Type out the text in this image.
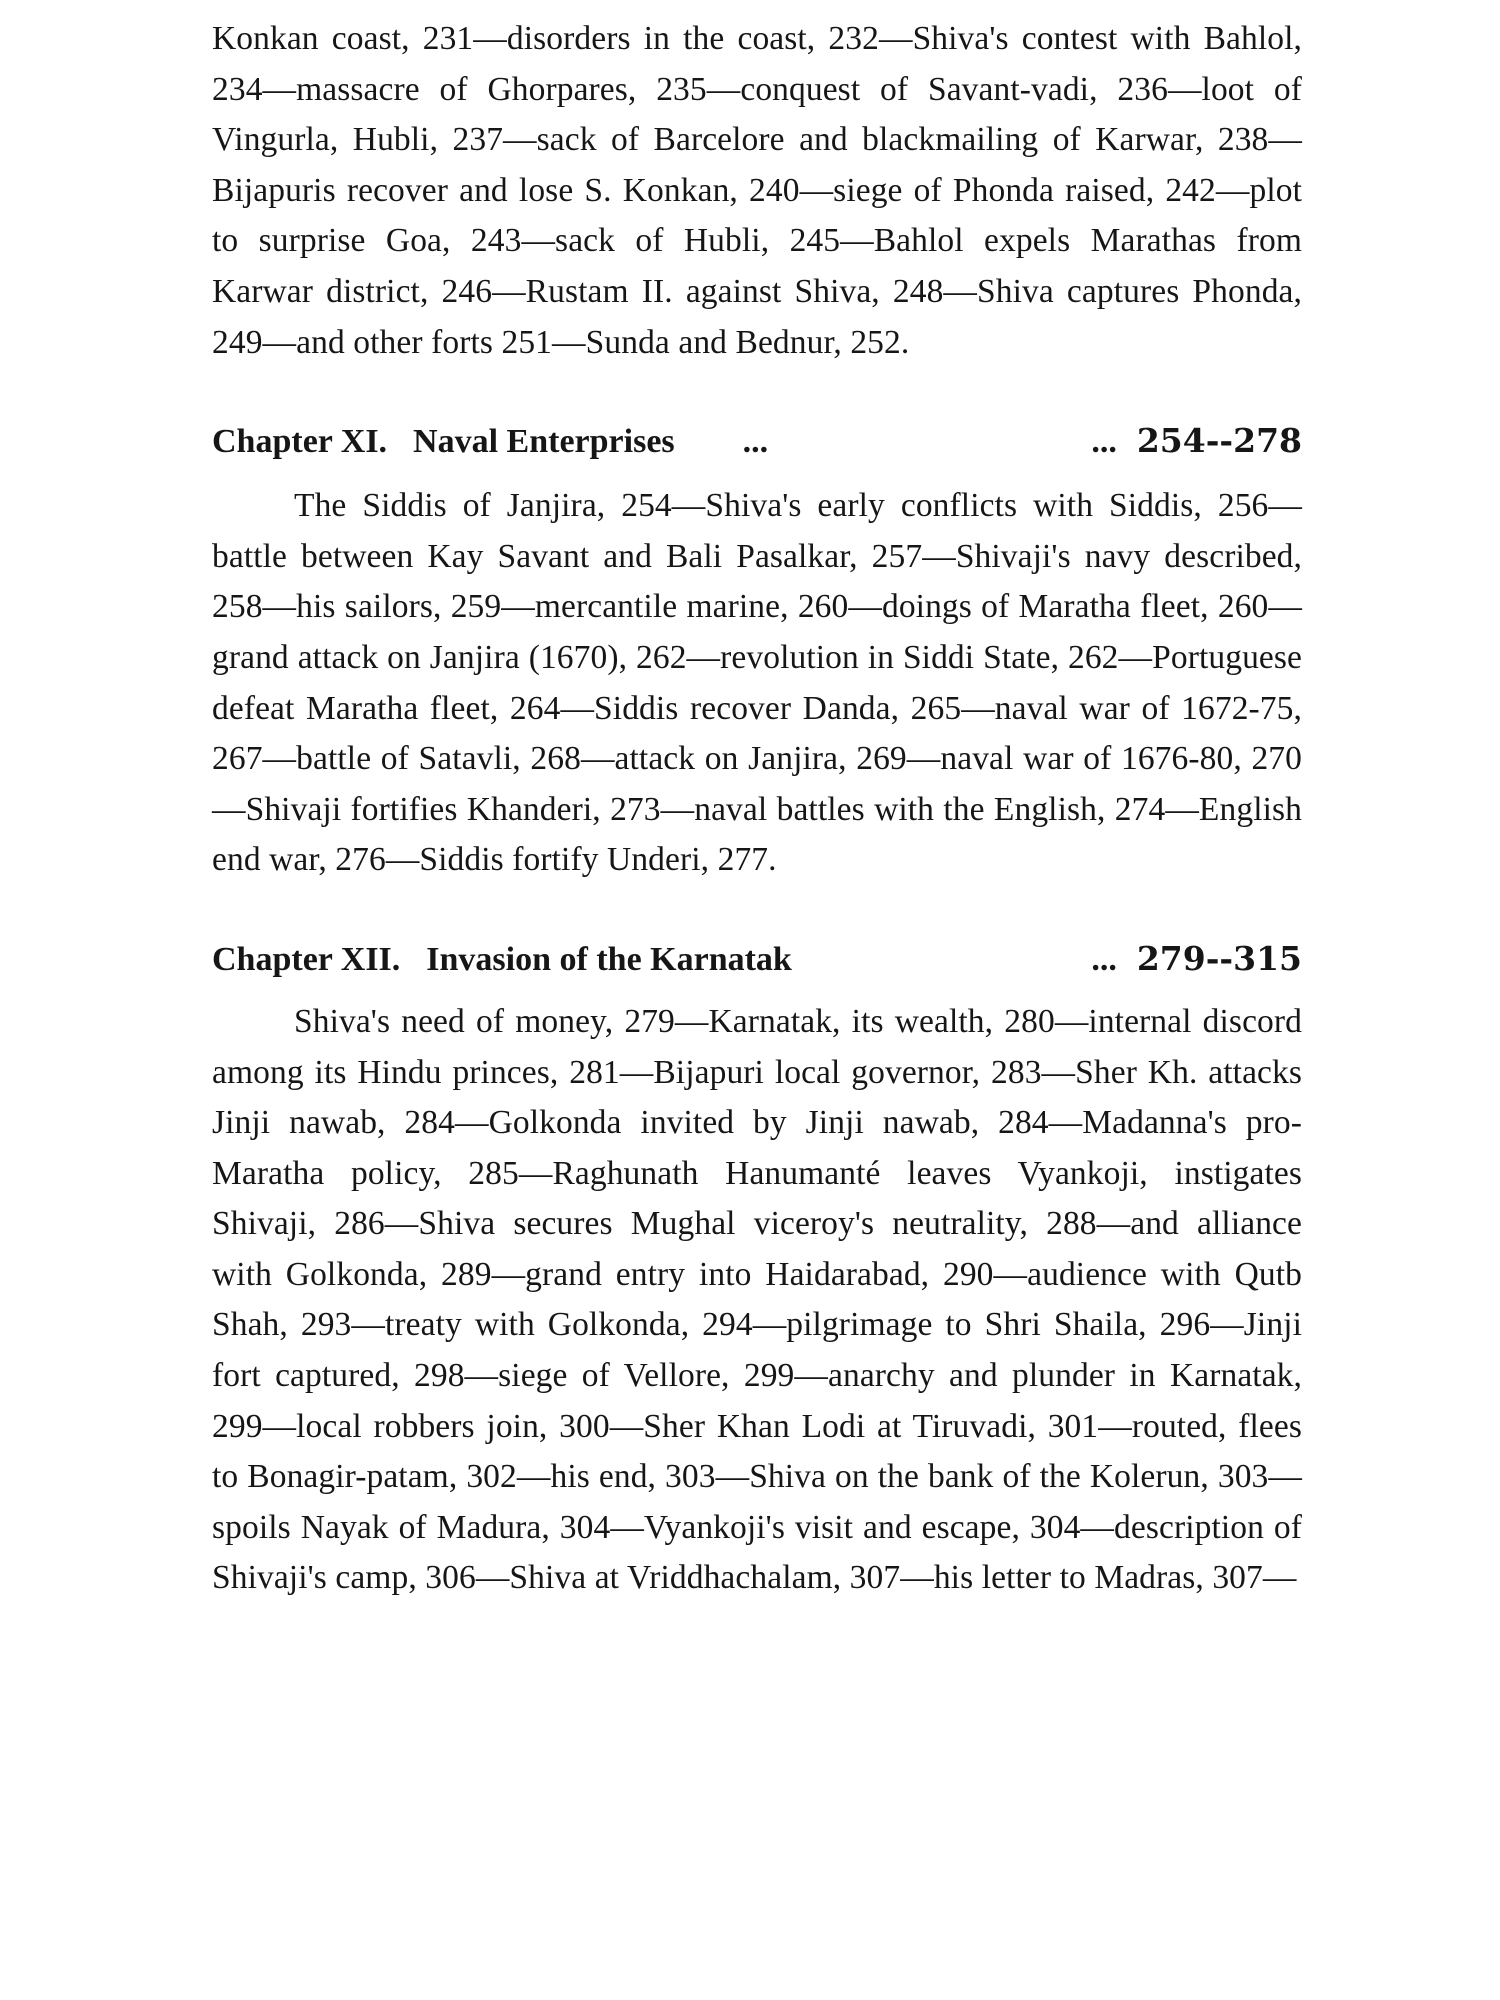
Konkan coast, 231—disorders in the coast, 232—Shiva's contest with Bahlol, 234—massacre of Ghorpares, 235—conquest of Savant-vadi, 236—loot of Vingurla, Hubli, 237—sack of Barcelore and blackmailing of Karwar, 238—Bijapuris recover and lose S. Konkan, 240—siege of Phonda raised, 242—plot to surprise Goa, 243—sack of Hubli, 245—Bahlol expels Marathas from Karwar district, 246—Rustam II. against Shiva, 248—Shiva captures Phonda, 249—and other forts 251—Sunda and Bednur, 252.

Chapter XI. Naval Enterprises ...	... 254--278

The Siddis of Janjira, 254—Shiva's early conflicts with Siddis, 256—battle between Kay Savant and Bali Pasalkar, 257—Shivaji's navy described, 258—his sailors, 259—mercantile marine, 260—doings of Maratha fleet, 260—grand attack on Janjira (1670), 262—revolution in Siddi State, 262—Portuguese defeat Maratha fleet, 264—Siddis recover Danda, 265—naval war of 1672-75, 267—battle of Satavli, 268—attack on Janjira, 269—naval war of 1676-80, 270—Shivaji fortifies Khanderi, 273—naval battles with the English, 274—English end war, 276—Siddis fortify Underi, 277.

Chapter XII. Invasion of the Karnatak	... 279--315

Shiva's need of money, 279—Karnatak, its wealth, 280—internal discord among its Hindu princes, 281—Bijapuri local governor, 283—Sher Kh. attacks Jinji nawab, 284—Golkonda invited by Jinji nawab, 284—Madanna's pro-Maratha policy, 285—Raghunath Hanumanté leaves Vyankoji, instigates Shivaji, 286—Shiva secures Mughal viceroy's neutrality, 288—and alliance with Golkonda, 289—grand entry into Haidarabad, 290—audience with Qutb Shah, 293—treaty with Golkonda, 294—pilgrimage to Shri Shaila, 296—Jinji fort captured, 298—siege of Vellore, 299—anarchy and plunder in Karnatak, 299—local robbers join, 300—Sher Khan Lodi at Tiruvadi, 301—routed, flees to Bonagir-patam, 302—his end, 303—Shiva on the bank of the Kolerun, 303—spoils Nayak of Madura, 304—Vyankoji's visit and escape, 304—description of Shivaji's camp, 306—Shiva at Vriddhachalam, 307—his letter to Madras, 307—
